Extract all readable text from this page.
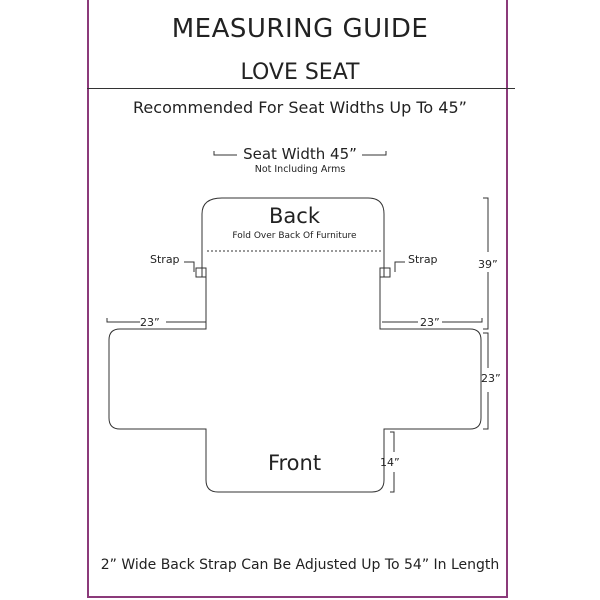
MEASURING GUIDE
LOVE SEAT
Recommended For Seat Widths Up To 45”
Seat Width 45”
Not Including Arms
Back
Fold Over Back Of Furniture
Strap	Strap
Front
23”	23”
39”
23”
14”
2” Wide Back Strap Can Be Adjusted Up To 54” In Length
